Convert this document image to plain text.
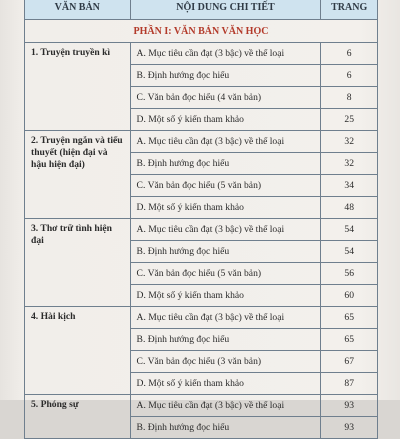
VĂN BẢN	NỘI DUNG CHI TIẾT	TRANG
PHẦN I: VĂN BẢN VĂN HỌC		
1. Truyện truyền kì	A. Mục tiêu cần đạt (3 bậc) về thể loại	6
	B. Định hướng đọc hiểu	6
	C. Văn bản đọc hiểu (4 văn bản)	8
	D. Một số ý kiến tham khảo	25
2. Truyện ngắn và tiểu thuyết (hiện đại và hậu hiện đại)	A. Mục tiêu cần đạt (3 bậc) về thể loại	32
	B. Định hướng đọc hiểu	32
	C. Văn bản đọc hiểu (5 văn bản)	34
	D. Một số ý kiến tham khảo	48
3. Thơ trữ tình hiện đại	A. Mục tiêu cần đạt (3 bậc) về thể loại	54
	B. Định hướng đọc hiểu	54
	C. Văn bản đọc hiểu (5 văn bản)	56
	D. Một số ý kiến tham khảo	60
4. Hài kịch	A. Mục tiêu cần đạt (3 bậc) về thể loại	65
	B. Định hướng đọc hiểu	65
	C. Văn bản đọc hiểu (3 văn bản)	67
	D. Một số ý kiến tham khảo	87
5. Phóng sự	A. Mục tiêu cần đạt (3 bậc) về thể loại	93
	B. Định hướng đọc hiểu	93
